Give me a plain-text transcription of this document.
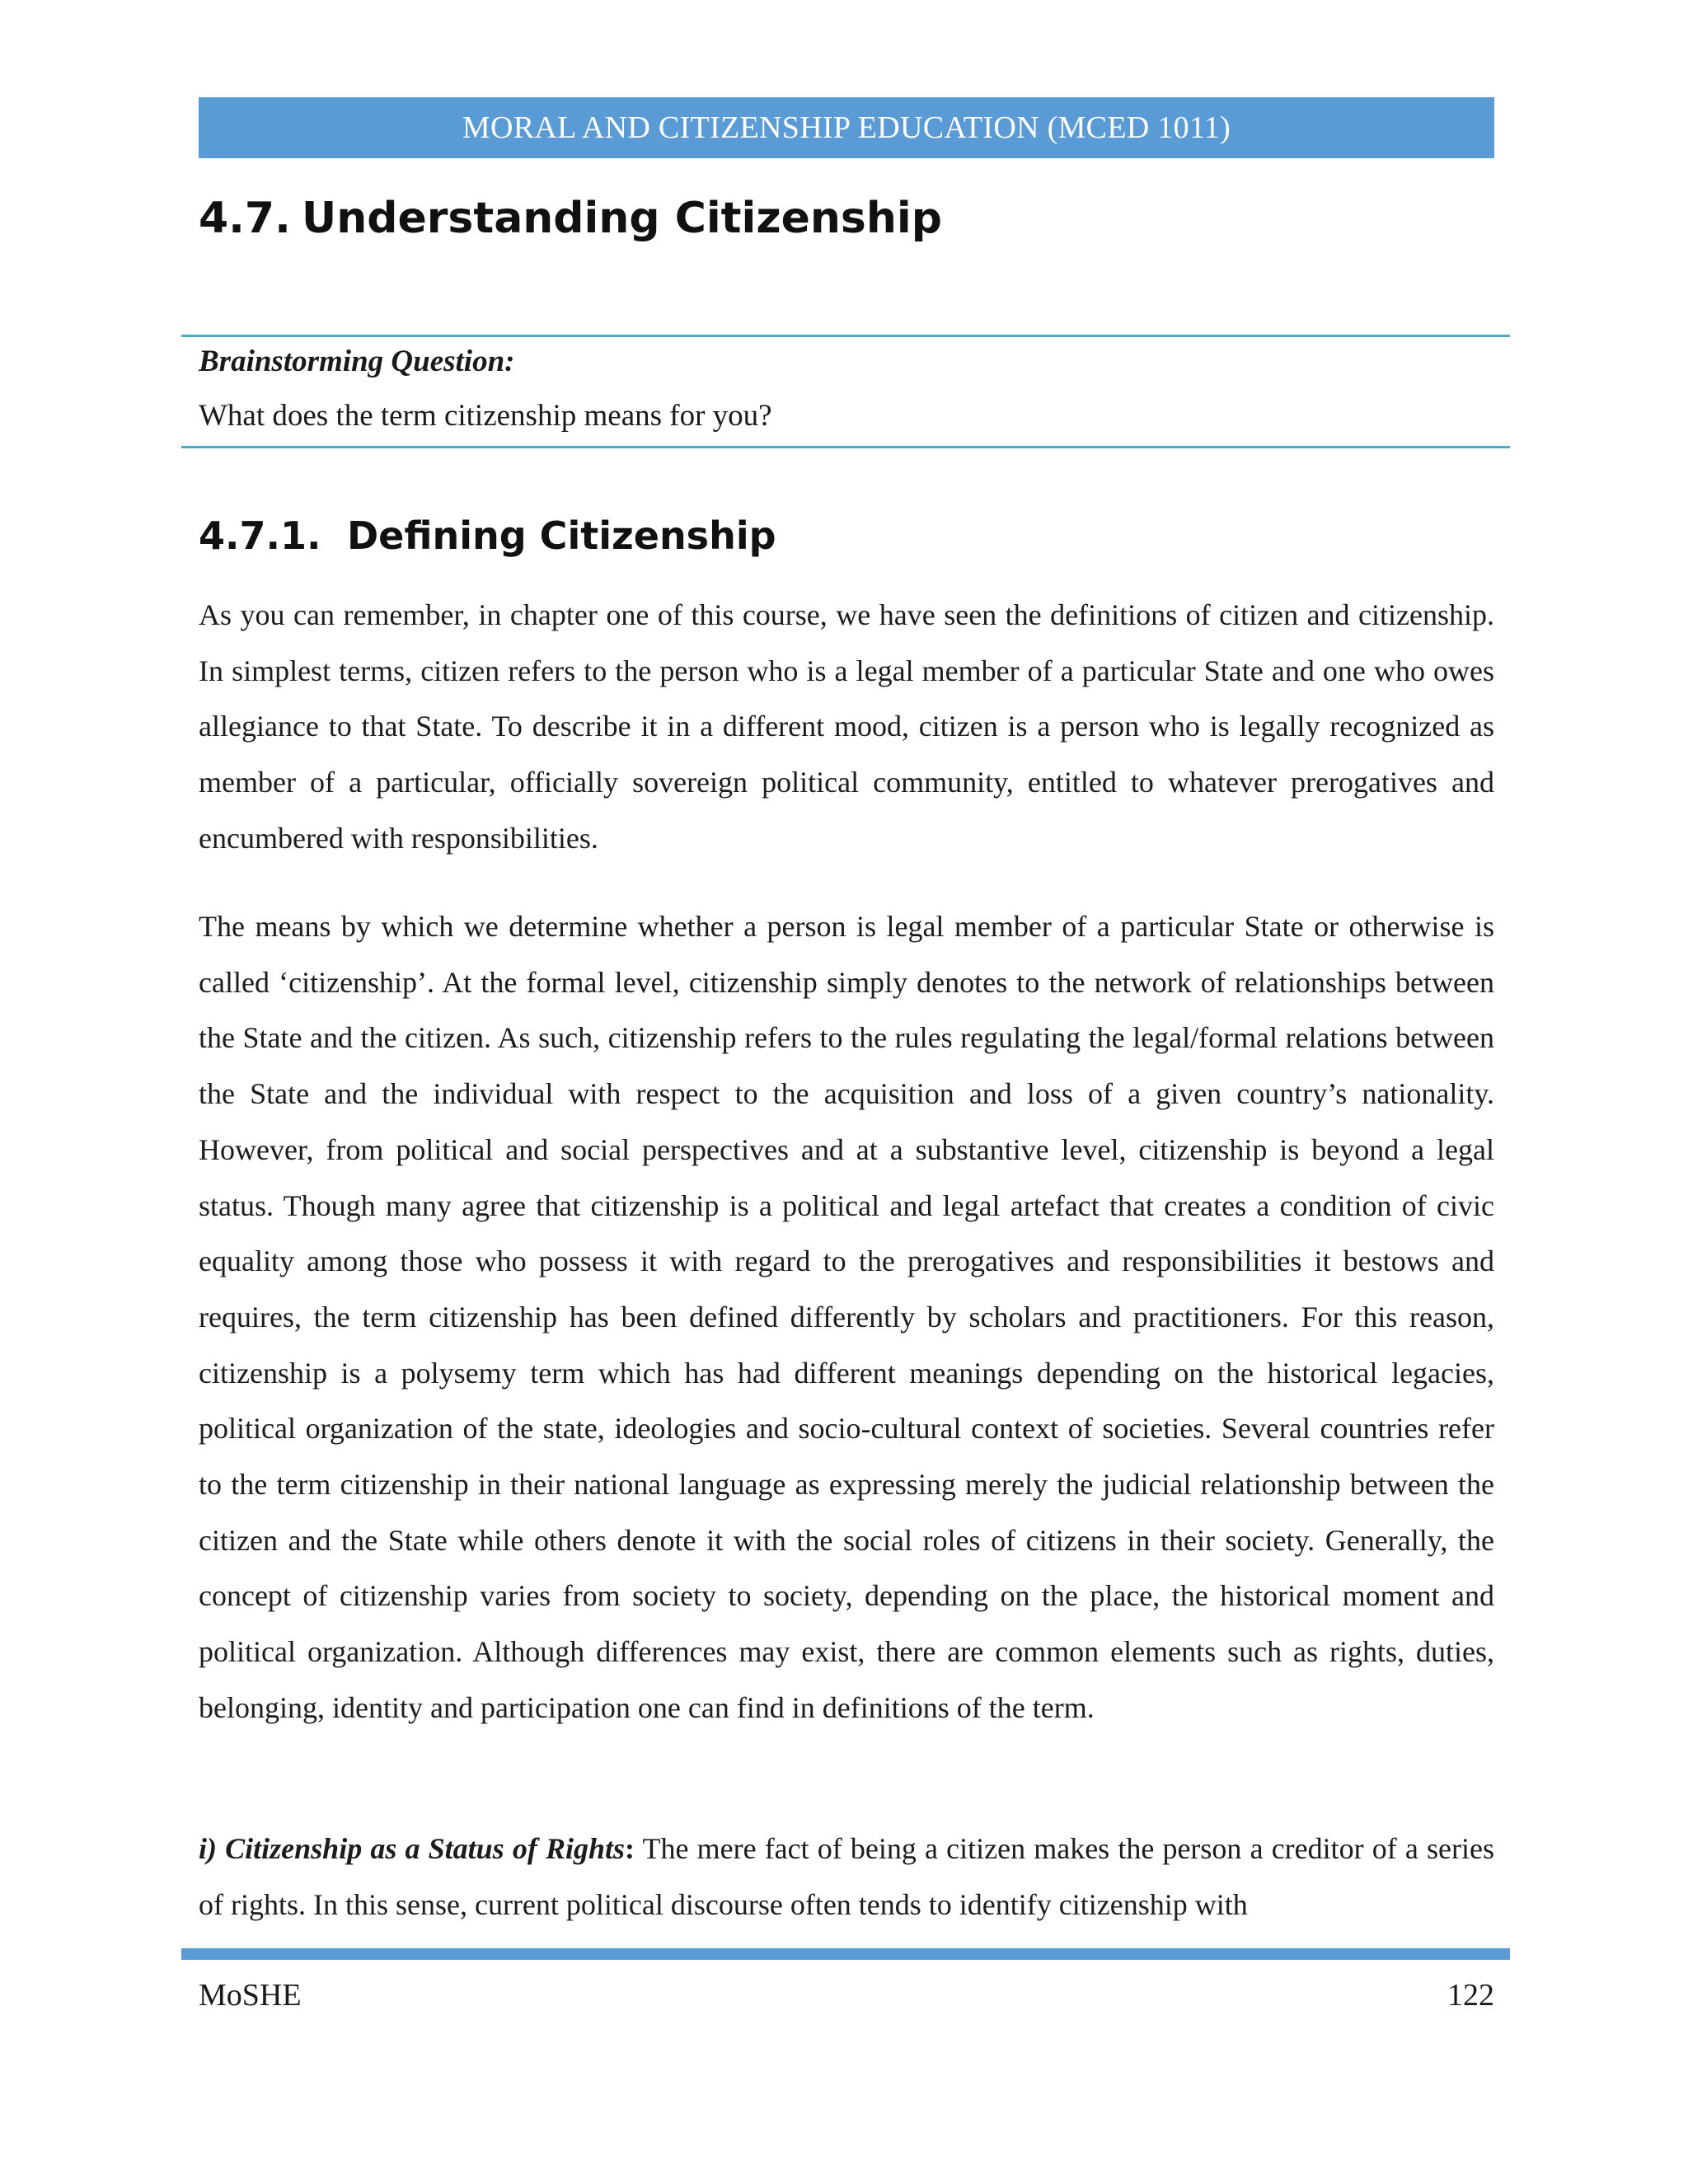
MORAL AND CITIZENSHIP EDUCATION (MCED 1011)
4.7. Understanding Citizenship
Brainstorming Question:
What does the term citizenship means for you?
4.7.1. Defining Citizenship

As you can remember, in chapter one of this course, we have seen the definitions of citizen and citizenship. In simplest terms, citizen refers to the person who is a legal member of a particular State and one who owes allegiance to that State. To describe it in a different mood, citizen is a person who is legally recognized as member of a particular, officially sovereign political community, entitled to whatever prerogatives and encumbered with responsibilities.

The means by which we determine whether a person is legal member of a particular State or otherwise is called ‘citizenship’. At the formal level, citizenship simply denotes to the network of relationships between the State and the citizen. As such, citizenship refers to the rules regulating the legal/formal relations between the State and the individual with respect to the acquisition and loss of a given country’s nationality. However, from political and social perspectives and at a substantive level, citizenship is beyond a legal status. Though many agree that citizenship is a political and legal artefact that creates a condition of civic equality among those who possess it with regard to the prerogatives and responsibilities it bestows and requires, the term citizenship has been defined differently by scholars and practitioners. For this reason, citizenship is a polysemy term which has had different meanings depending on the historical legacies, political organization of the state, ideologies and socio-cultural context of societies. Several countries refer to the term citizenship in their national language as expressing merely the judicial relationship between the citizen and the State while others denote it with the social roles of citizens in their society. Generally, the concept of citizenship varies from society to society, depending on the place, the historical moment and political organization. Although differences may exist, there are common elements such as rights, duties, belonging, identity and participation one can find in definitions of the term.

i) Citizenship as a Status of Rights: The mere fact of being a citizen makes the person a creditor of a series of rights. In this sense, current political discourse often tends to identify citizenship with

MoSHE	122
